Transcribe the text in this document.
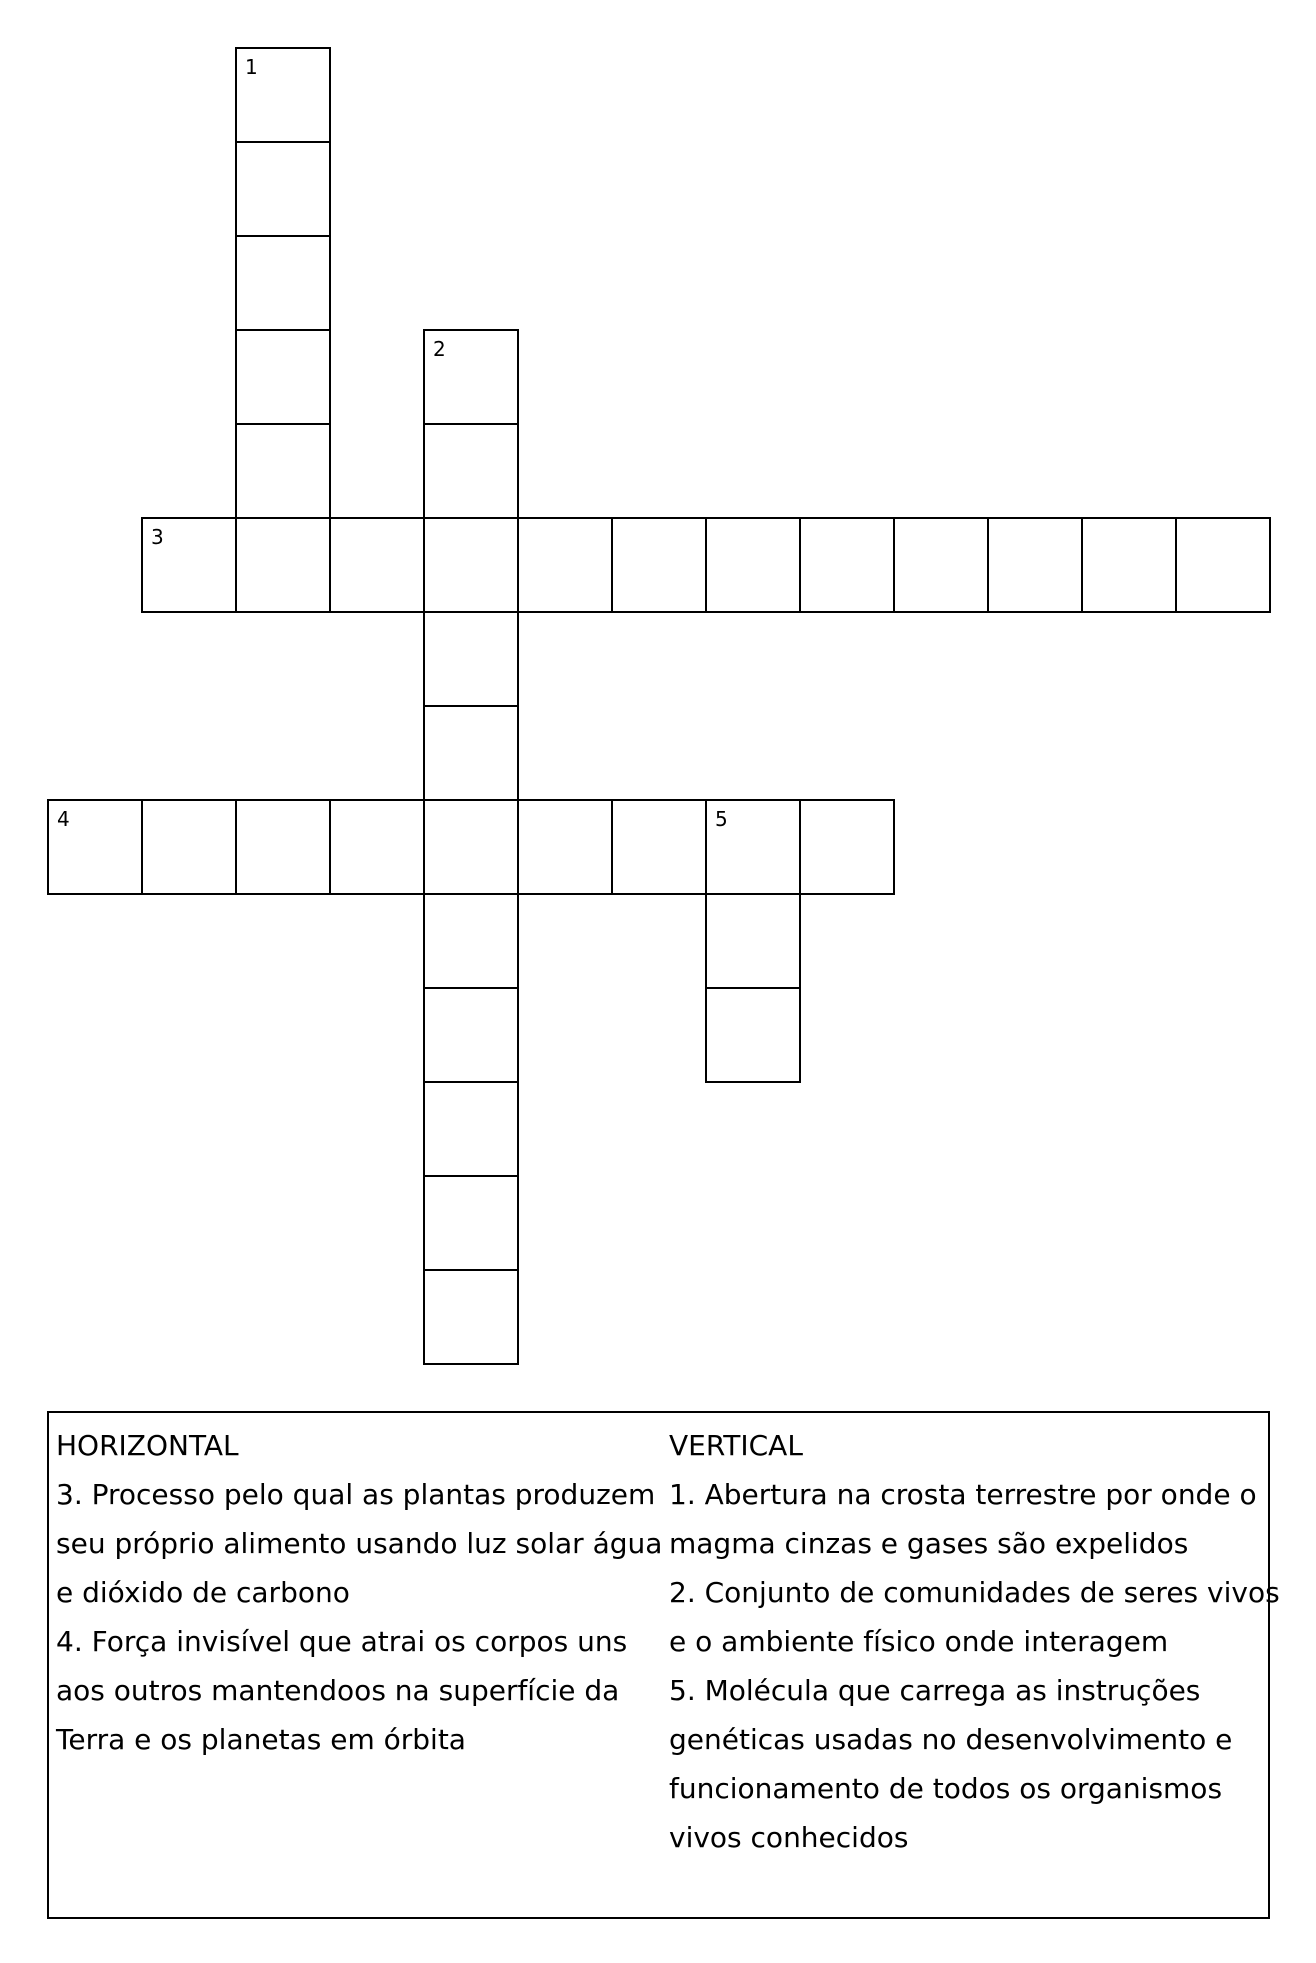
1
2
3
4	5
HORIZONTAL
3. Processo pelo qual as plantas produzem
seu próprio alimento usando luz solar água
e dióxido de carbono
4. Força invisível que atrai os corpos uns
aos outros mantendoos na superfície da
Terra e os planetas em órbita
VERTICAL
1. Abertura na crosta terrestre por onde o
magma cinzas e gases são expelidos
2. Conjunto de comunidades de seres vivos
e o ambiente físico onde interagem
5. Molécula que carrega as instruções
genéticas usadas no desenvolvimento e
funcionamento de todos os organismos
vivos conhecidos
